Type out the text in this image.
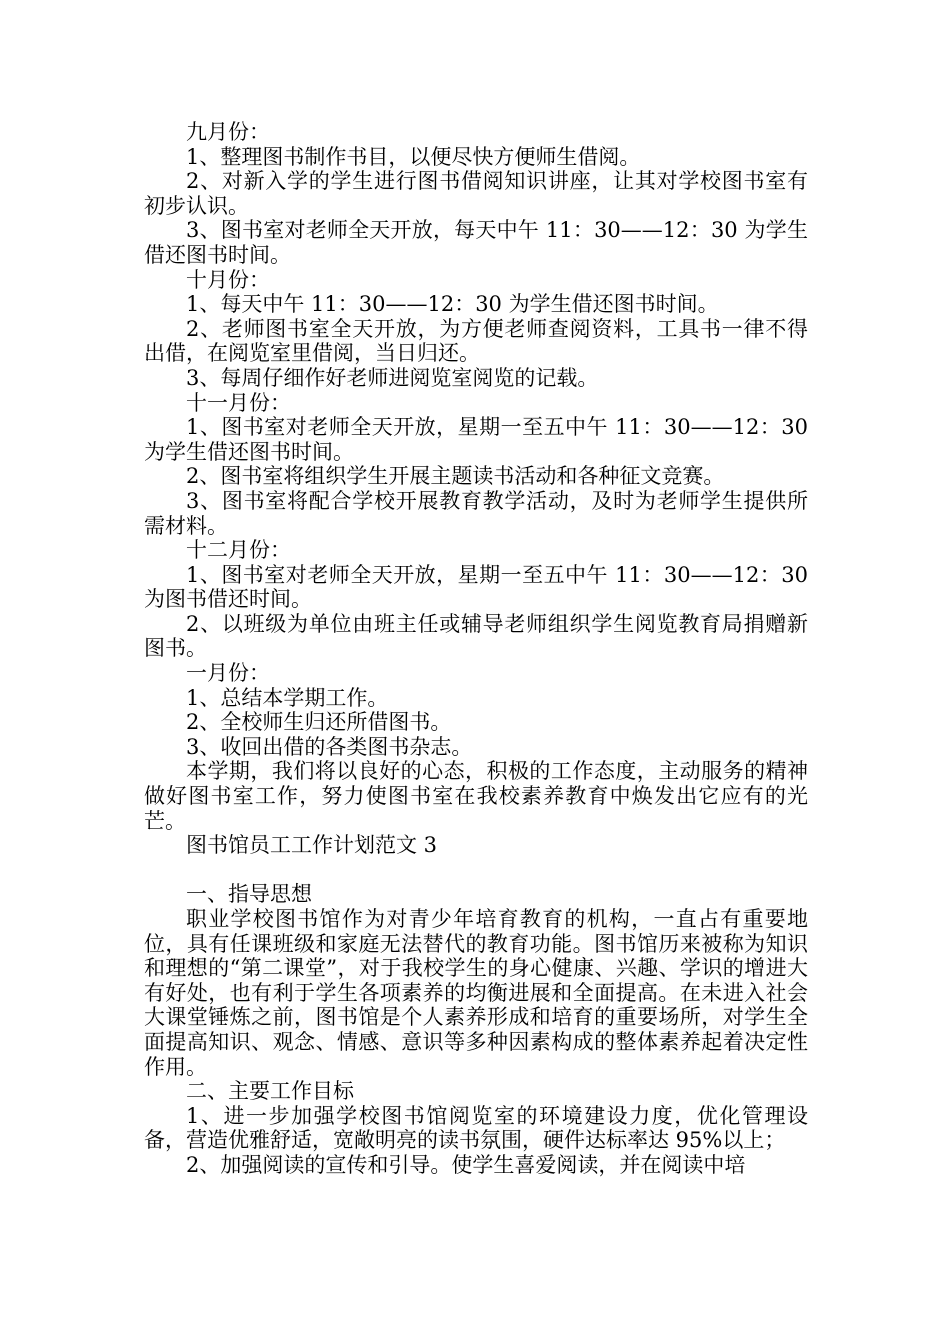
九月份：

1、整理图书制作书目，以便尽快方便师生借阅。

2、对新入学的学生进行图书借阅知识讲座，让其对学校图书室有初步认识。

3、图书室对老师全天开放，每天中午 11：30——12：30 为学生借还图书时间。

十月份：

1、每天中午 11：30——12：30 为学生借还图书时间。

2、老师图书室全天开放，为方便老师查阅资料，工具书一律不得出借，在阅览室里借阅，当日归还。

3、每周仔细作好老师进阅览室阅览的记载。

十一月份：

1、图书室对老师全天开放，星期一至五中午 11：30——12：30 为学生借还图书时间。

2、图书室将组织学生开展主题读书活动和各种征文竞赛。

3、图书室将配合学校开展教育教学活动，及时为老师学生提供所需材料。

十二月份：

1、图书室对老师全天开放，星期一至五中午 11：30——12：30 为图书借还时间。

2、以班级为单位由班主任或辅导老师组织学生阅览教育局捐赠新图书。

一月份：

1、总结本学期工作。

2、全校师生归还所借图书。

3、收回出借的各类图书杂志。

本学期，我们将以良好的心态，积极的工作态度，主动服务的精神做好图书室工作，努力使图书室在我校素养教育中焕发出它应有的光芒。

图书馆员工工作计划范文 3

一、指导思想

职业学校图书馆作为对青少年培育教育的机构，一直占有重要地位，具有任课班级和家庭无法替代的教育功能。图书馆历来被称为知识和理想的“第二课堂”，对于我校学生的身心健康、兴趣、学识的增进大有好处，也有利于学生各项素养的均衡进展和全面提高。在未进入社会大课堂锤炼之前，图书馆是个人素养形成和培育的重要场所，对学生全面提高知识、观念、情感、意识等多种因素构成的整体素养起着决定性作用。

二、主要工作目标

1、进一步加强学校图书馆阅览室的环境建设力度，优化管理设备，营造优雅舒适，宽敞明亮的读书氛围，硬件达标率达 95%以上；

2、加强阅读的宣传和引导。使学生喜爱阅读，并在阅读中培
